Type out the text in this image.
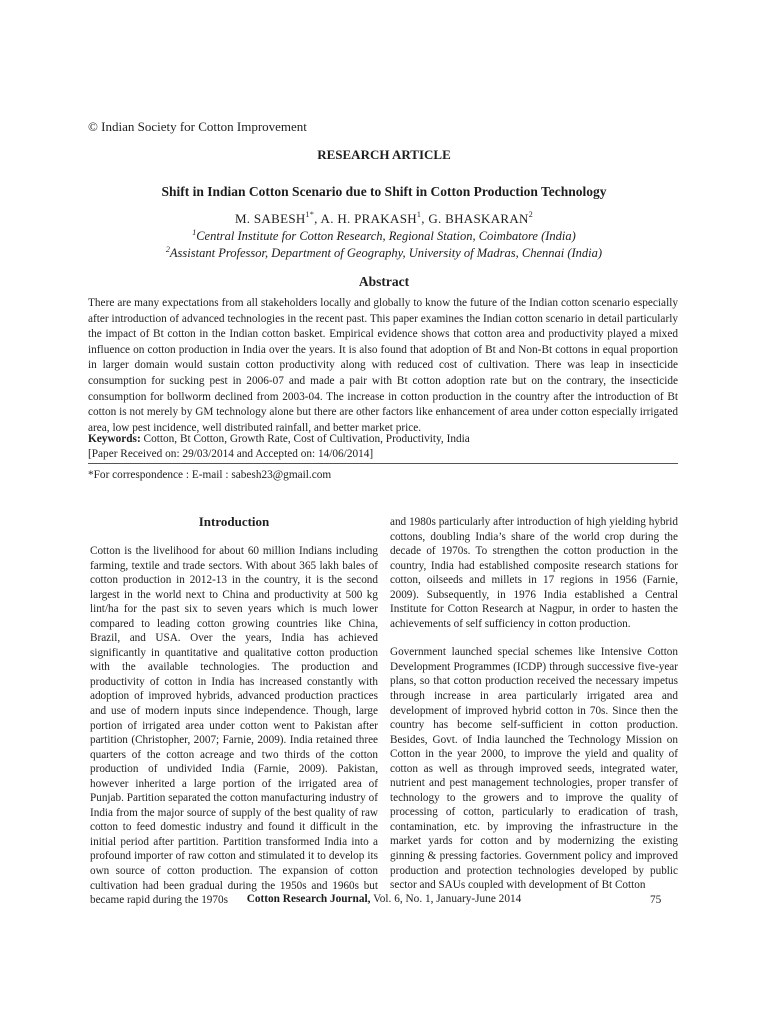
© Indian Society for Cotton Improvement
RESEARCH ARTICLE
Shift in Indian Cotton Scenario due to Shift in Cotton Production Technology
M. $SABESH^{1*}$, A. H. PRAKASH$^1$, G. BHASKARAN$^2$
$^1$Central Institute for Cotton Research, Regional Station, Coimbatore (India)
$^2$Assistant Professor, Department of Geography, University of Madras, Chennai (India)
Abstract

There are many expectations from all stakeholders locally and globally to know the future of the Indian cotton scenario especially after introduction of advanced technologies in the recent past. This paper examines the Indian cotton scenario in detail particularly the impact of Bt cotton in the Indian cotton basket. Empirical evidence shows that cotton area and productivity played a mixed influence on cotton production in India over the years. It is also found that adoption of Bt and Non-Bt cottons in equal proportion in larger domain would sustain cotton productivity along with reduced cost of cultivation. There was leap in insecticide consumption for sucking pest in 2006-07 and made a pair with Bt cotton adoption rate but on the contrary, the insecticide consumption for bollworm declined from 2003-04. The increase in cotton production in the country after the introduction of Bt cotton is not merely by GM technology alone but there are other factors like enhancement of area under cotton especially irrigated area, low pest incidence, well distributed rainfall, and better market price.

Keywords: Cotton, Bt Cotton, Growth Rate, Cost of Cultivation, Productivity, India
[Paper Received on: 29/03/2014 and Accepted on: 14/06/2014]
*For correspondence : E-mail : sabesh23@gmail.com
Introduction

Cotton is the livelihood for about 60 million Indians including farming, textile and trade sectors. With about 365 lakh bales of cotton production in 2012-13 in the country, it is the second largest in the world next to China and productivity at 500 kg lint/ha for the past six to seven years which is much lower compared to leading cotton growing countries like China, Brazil, and USA. Over the years, India has achieved significantly in quantitative and qualitative cotton production with the available technologies. The production and productivity of cotton in India has increased constantly with adoption of improved hybrids, advanced production practices and use of modern inputs since independence. Though, large portion of irrigated area under cotton went to Pakistan after partition (Christopher, 2007; Farnie, 2009). India retained three quarters of the cotton acreage and two thirds of the cotton production of undivided India (Farnie, 2009). Pakistan, however inherited a large portion of the irrigated area of Punjab. Partition separated the cotton manufacturing industry of India from the major source of supply of the best quality of raw cotton to feed domestic industry and found it difficult in the initial period after partition. Partition transformed India into a profound importer of raw cotton and stimulated it to develop its own source of cotton production. The expansion of cotton cultivation had been gradual during the 1950s and 1960s but became rapid during the 1970s

and 1980s particularly after introduction of high yielding hybrid cottons, doubling India’s share of the world crop during the decade of 1970s. To strengthen the cotton production in the country, India had established composite research stations for cotton, oilseeds and millets in 17 regions in 1956 (Farnie, 2009). Subsequently, in 1976 India established a Central Institute for Cotton Research at Nagpur, in order to hasten the achievements of self sufficiency in cotton production.

Government launched special schemes like Intensive Cotton Development Programmes (ICDP) through successive five-year plans, so that cotton production received the necessary impetus through increase in area particularly irrigated area and development of improved hybrid cotton in 70s. Since then the country has become self-sufficient in cotton production. Besides, Govt. of India launched the Technology Mission on Cotton in the year 2000, to improve the yield and quality of cotton as well as through improved seeds, integrated water, nutrient and pest management technologies, proper transfer of technology to the growers and to improve the quality of processing of cotton, particularly to eradication of trash, contamination, etc. by improving the infrastructure in the market yards for cotton and by modernizing the existing ginning & pressing factories. Government policy and improved production and protection technologies developed by public sector and SAUs coupled with development of Bt Cotton

Cotton Research Journal, Vol. 6, No. 1, January-June 2014	75
